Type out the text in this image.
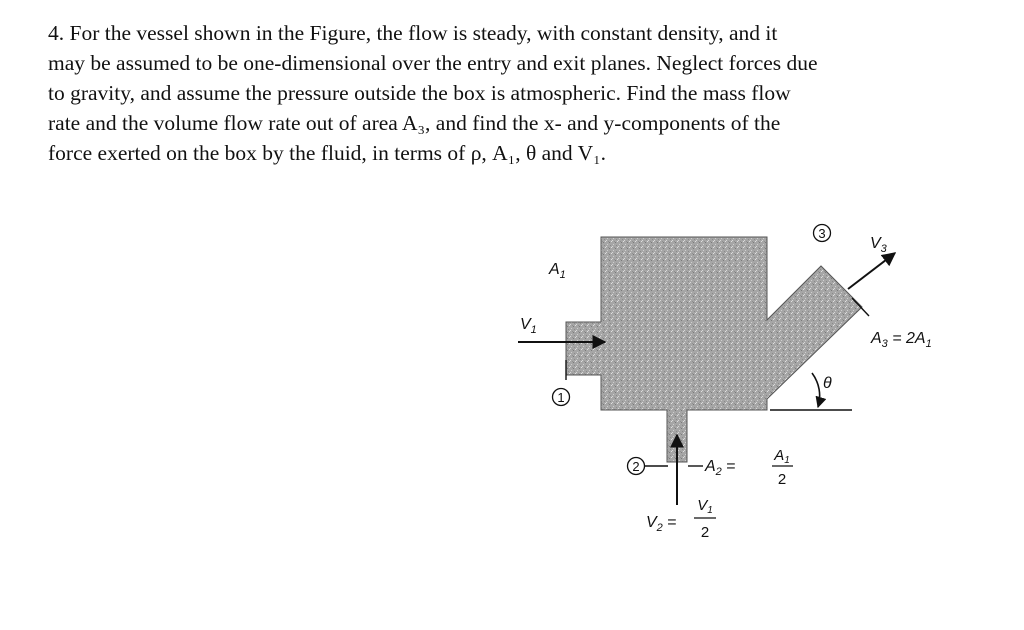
4. For the vessel shown in the Figure, the flow is steady, with constant density, and it
may be assumed to be one-dimensional over the entry and exit planes. Neglect forces due
to gravity, and assume the pressure outside the box is atmospheric. Find the mass flow
rate and the volume flow rate out of area A₃, and find the x- and y-components of the
force exerted on the box by the fluid, in terms of ρ, A₁, θ and V₁.
1
$A_1$
$V_1$
2	$A_2$ =
$A_1$
2
$V_2$ =
$V_1$
2
3
$V_3$
$A_3 = 2A_1$
θ
